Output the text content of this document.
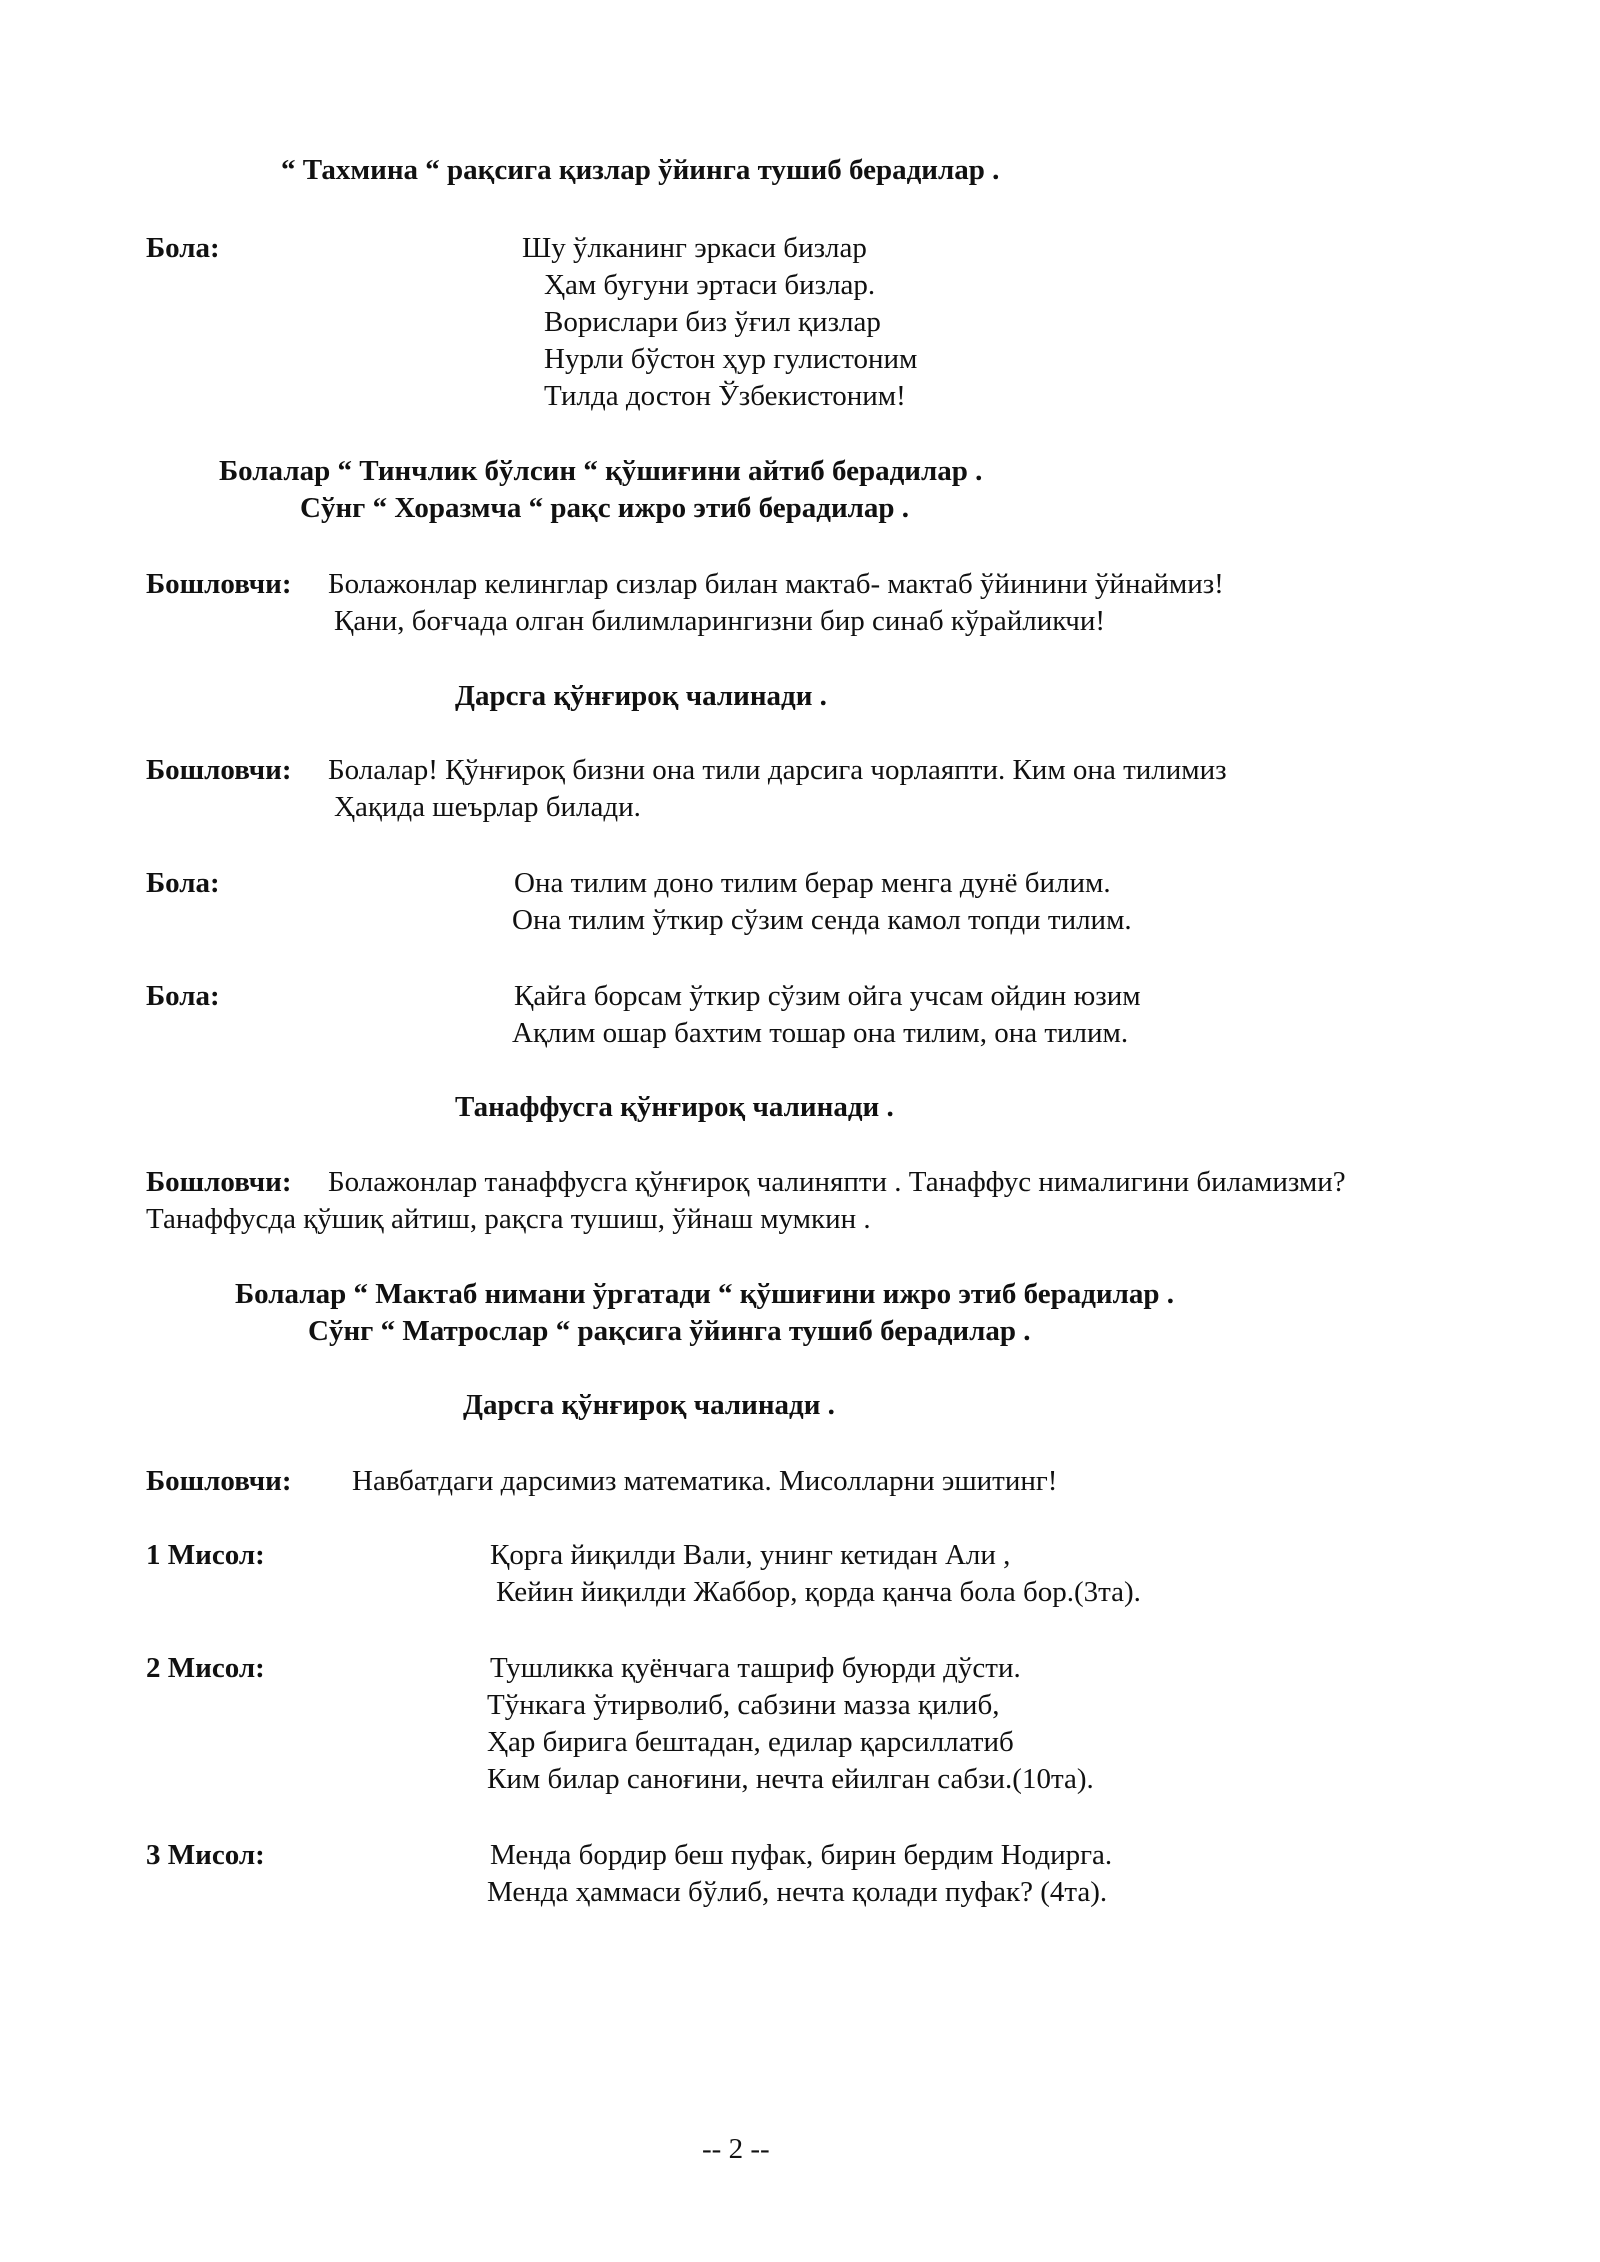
“ Тахмина “ рақсига қизлар ўйинга тушиб берадилар .
Бола:	Шу ўлканинг эркаси бизлар
Ҳам бугуни эртаси бизлар.
Ворислари биз ўғил қизлар
Нурли бўстон ҳур гулистоним
Тилда достон Ўзбекистоним!
Болалар “ Тинчлик бўлсин “ қўшиғини айтиб берадилар .
Сўнг “ Хоразмча “ рақс ижро этиб берадилар .
Бошловчи: Болажонлар келинглар сизлар билан мактаб- мактаб ўйинини ўйнаймиз!
Қани, боғчада олган билимларингизни бир синаб кўрайликчи!
Дарсга қўнғироқ чалинади .
Бошловчи: Болалар! Қўнғироқ бизни она тили дарсига чорлаяпти. Ким она тилимиз
Ҳақида шеърлар билади.
Бола:	Она тилим доно тилим берар менга дунё билим.
Она тилим ўткир сўзим сенда камол топди тилим.
Бола:	Қайга борсам ўткир сўзим ойга учсам ойдин юзим
Ақлим ошар бахтим тошар она тилим, она тилим.
Танаффусга қўнғироқ чалинади .
Бошловчи: Болажонлар танаффусга қўнғироқ чалиняпти . Танаффус нималигини биламизми?
Танаффусда қўшиқ айтиш, рақсга тушиш, ўйнаш мумкин .
Болалар “ Мактаб нимани ўргатади “ қўшиғини ижро этиб берадилар .
Сўнг “ Матрослар “ рақсига ўйинга тушиб берадилар .
Дарсга қўнғироқ чалинади .
Бошловчи: Навбатдаги дарсимиз математика. Мисолларни эшитинг!
1 Мисол:	Қорга йиқилди Вали, унинг кетидан Али ,
Кейин йиқилди Жаббор, қорда қанча бола бор.(3та).
2 Мисол:	Тушликка қуёнчага ташриф буюрди дўсти.
Тўнкага ўтирволиб, сабзини мазза қилиб,
Ҳар бирига бештадан, едилар қарсиллатиб
Ким билар саноғини, нечта ейилган сабзи.(10та).
3 Мисол:	Менда бордир беш пуфак, бирин бердим Нодирга.
Менда ҳаммаси бўлиб, нечта қолади пуфак? (4та).
-- 2 --
